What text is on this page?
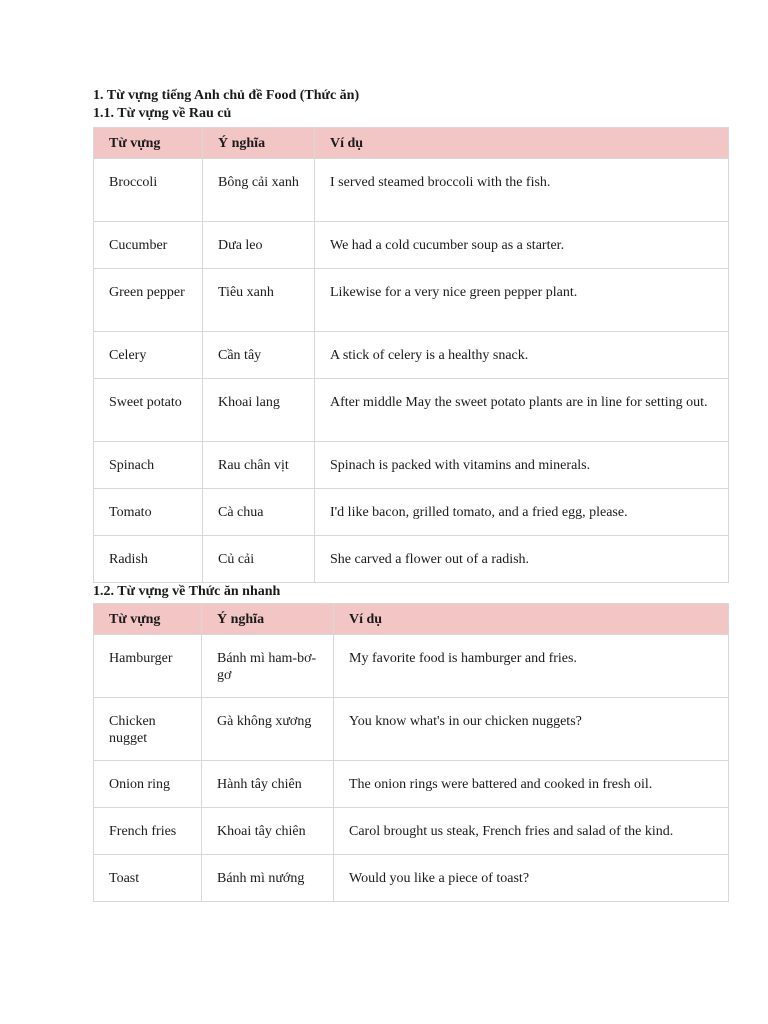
1. Từ vựng tiếng Anh chủ đề Food (Thức ăn)

1.1. Từ vựng về Rau củ

Từ vựng	Ý nghĩa	Ví dụ
Broccoli	Bông cải xanh	I served steamed broccoli with the fish.
Cucumber	Dưa leo	We had a cold cucumber soup as a starter.
Green pepper	Tiêu xanh	Likewise for a very nice green pepper plant.
Celery	Cần tây	A stick of celery is a healthy snack.
Sweet potato	Khoai lang	After middle May the sweet potato plants are in line for setting out.
Spinach	Rau chân vịt	Spinach is packed with vitamins and minerals.
Tomato	Cà chua	I'd like bacon, grilled tomato, and a fried egg, please.
Radish	Củ cải	She carved a flower out of a radish.

1.2. Từ vựng về Thức ăn nhanh

Từ vựng	Ý nghĩa	Ví dụ
Hamburger	Bánh mì ham-bơ-gơ	My favorite food is hamburger and fries.
Chicken nugget	Gà không xương	You know what's in our chicken nuggets?
Onion ring	Hành tây chiên	The onion rings were battered and cooked in fresh oil.
French fries	Khoai tây chiên	Carol brought us steak, French fries and salad of the kind.
Toast	Bánh mì nướng	Would you like a piece of toast?
